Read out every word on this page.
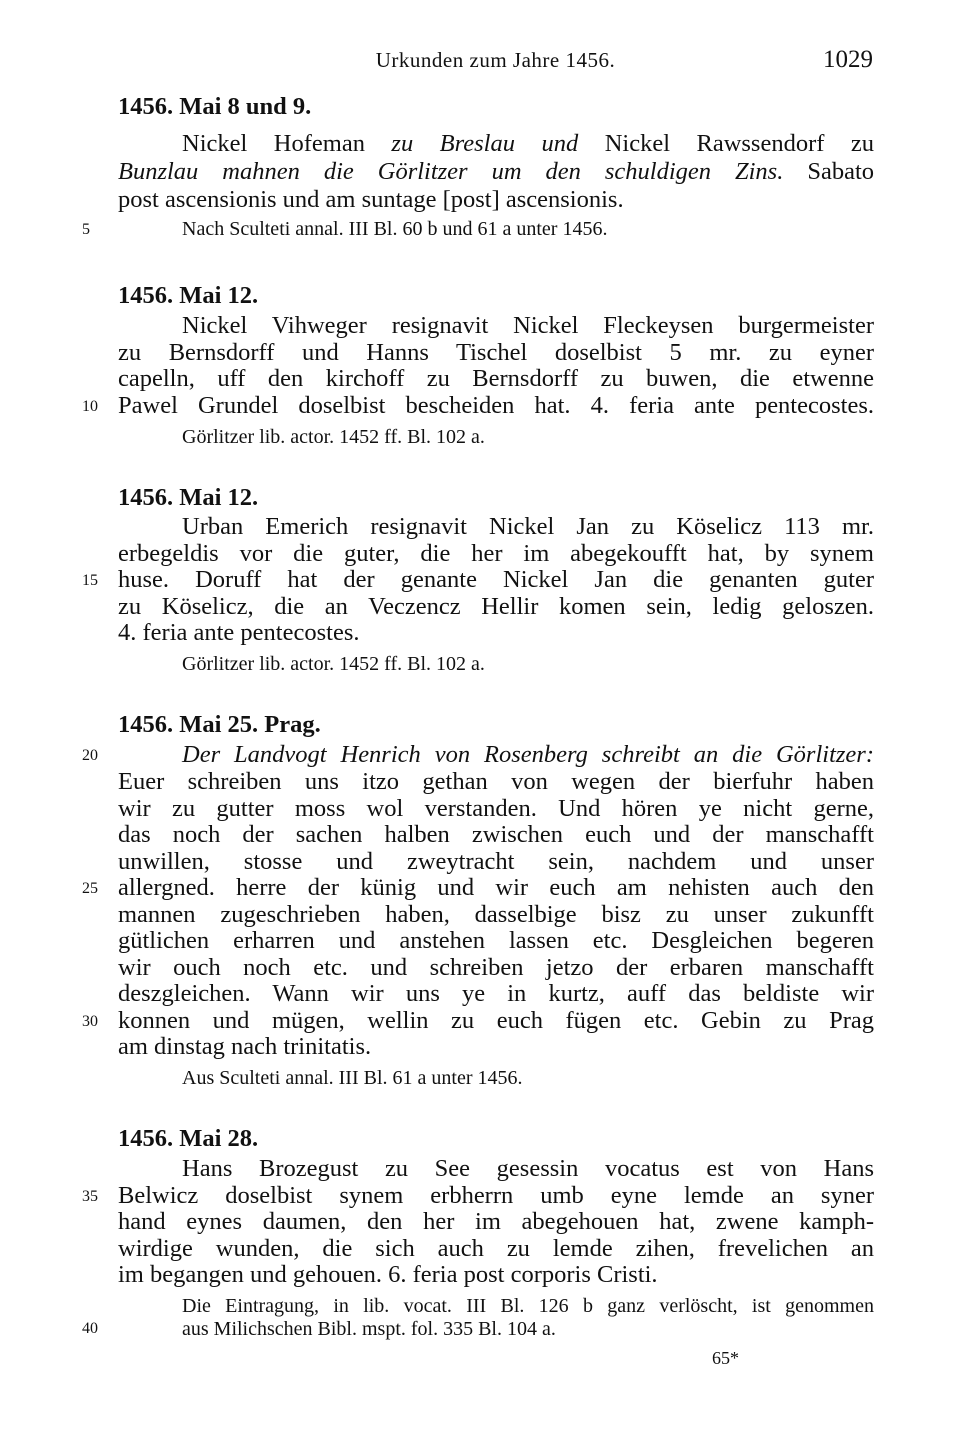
Urkunden zum Jahre 1456.	1029
1456. Mai 8 und 9.
Nickel Hofeman zu Breslau und Nickel Rawssendorf zu
Bunzlau mahnen die Görlitzer um den schuldigen Zins. Sabato
post ascensionis und am suntage [post] ascensionis.
Nach Sculteti annal. III Bl. 60 b und 61 a unter 1456.
5
1456. Mai 12.
Nickel Vihweger resignavit Nickel Fleckeysen burgermeister
zu Bernsdorff und Hanns Tischel doselbist 5 mr. zu eyner
capelln, uff den kirchoff zu Bernsdorff zu buwen, die etwenne
Pawel Grundel doselbist bescheiden hat. 4. feria ante pentecostes.
10
Görlitzer lib. actor. 1452 ff. Bl. 102 a.
1456. Mai 12.
Urban Emerich resignavit Nickel Jan zu Köselicz 113 mr.
erbegeldis vor die guter, die her im abegekoufft hat, by synem
huse. Doruff hat der genante Nickel Jan die genanten guter
15
zu Köselicz, die an Veczencz Hellir komen sein, ledig geloszen.
4. feria ante pentecostes.
Görlitzer lib. actor. 1452 ff. Bl. 102 a.
1456. Mai 25. Prag.
Der Landvogt Henrich von Rosenberg schreibt an die Görlitzer:
20
Euer schreiben uns itzo gethan von wegen der bierfuhr haben
wir zu gutter moss wol verstanden. Und hören ye nicht gerne,
das noch der sachen halben zwischen euch und der manschafft
unwillen, stosse und zweytracht sein, nachdem und unser
allergned. herre der künig und wir euch am nehisten auch den
25
mannen zugeschrieben haben, dasselbige bisz zu unser zukunfft
gütlichen erharren und anstehen lassen etc. Desgleichen begeren
wir ouch noch etc. und schreiben jetzo der erbaren manschafft
deszgleichen. Wann wir uns ye in kurtz, auff das beldiste wir
konnen und mügen, wellin zu euch fügen etc. Gebin zu Prag
30
am dinstag nach trinitatis.
Aus Sculteti annal. III Bl. 61 a unter 1456.
1456. Mai 28.
Hans Brozegust zu See gesessin vocatus est von Hans
Belwicz doselbist synem erbherrn umb eyne lemde an syner
35
hand eynes daumen, den her im abegehouen hat, zwene kamph-
wirdige wunden, die sich auch zu lemde zihen, frevelichen an
im begangen und gehouen. 6. feria post corporis Cristi.
Die Eintragung, in lib. vocat. III Bl. 126 b ganz verlöscht, ist genommen
aus Milichschen Bibl. mspt. fol. 335 Bl. 104 a.
40
65*
